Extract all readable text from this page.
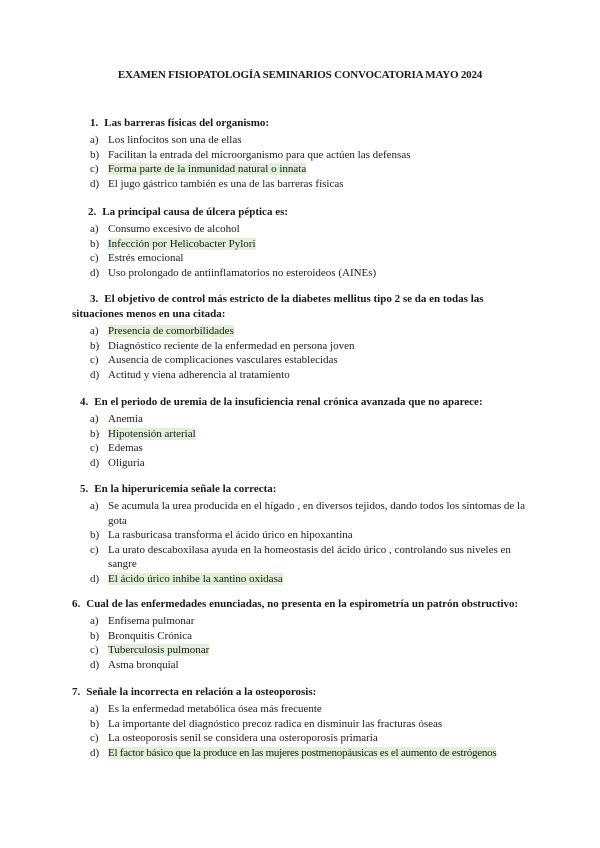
EXAMEN FISIOPATOLOGÍA SEMINARIOS CONVOCATORIA MAYO 2024
1. Las barreras físicas del organismo:
a) Los linfocitos son una de ellas
b) Facilitan la entrada del microorganismo para que actúen las defensas
c) Forma parte de la inmunidad natural o innata
d) El jugo gástrico también es una de las barreras físicas
2. La principal causa de úlcera péptica es:
a) Consumo excesivo de alcohol
b) Infección por Helicobacter Pylori
c) Estrés emocional
d) Uso prolongado de antiinflamatorios no esteroideos (AINEs)
3. El objetivo de control más estricto de la diabetes mellitus tipo 2 se da en todas las
situaciones menos en una citada:
a) Presencia de comorbilidades
b) Diagnóstico reciente de la enfermedad en persona joven
c) Ausencia de complicaciones vasculares establecidas
d) Actitud y viena adherencia al tratamiento
4. En el periodo de uremia de la insuficiencia renal crónica avanzada que no aparece:
a) Anemia
b) Hipotensión arterial
c) Edemas
d) Oliguria
5. En la hiperuricemia señale la correcta:
a) Se acumula la urea producida en el hígado , en diversos tejidos, dando todos los síntomas de la gota
b) La rasburicasa transforma el ácido úrico en hipoxantina
c) La urato descaboxilasa ayuda en la homeostasis del ácido úrico , controlando sus niveles en sangre
d) El ácido úrico inhibe la xantino oxidasa
6. Cual de las enfermedades enunciadas, no presenta en la espirometría un patrón obstructivo:
a) Enfisema pulmonar
b) Bronquitis Crónica
c) Tuberculosis pulmonar
d) Asma bronquial
7. Señale la incorrecta en relación a la osteoporosis:
a) Es la enfermedad metabólica ósea más frecuente
b) La importante del diagnóstico precoz radica en disminuir las fracturas óseas
c) La osteoporosis senil se considera una osteroporosis primaria
d) El factor básico que la produce en las mujeres postmenopáusicas es el aumento de estrógenos
